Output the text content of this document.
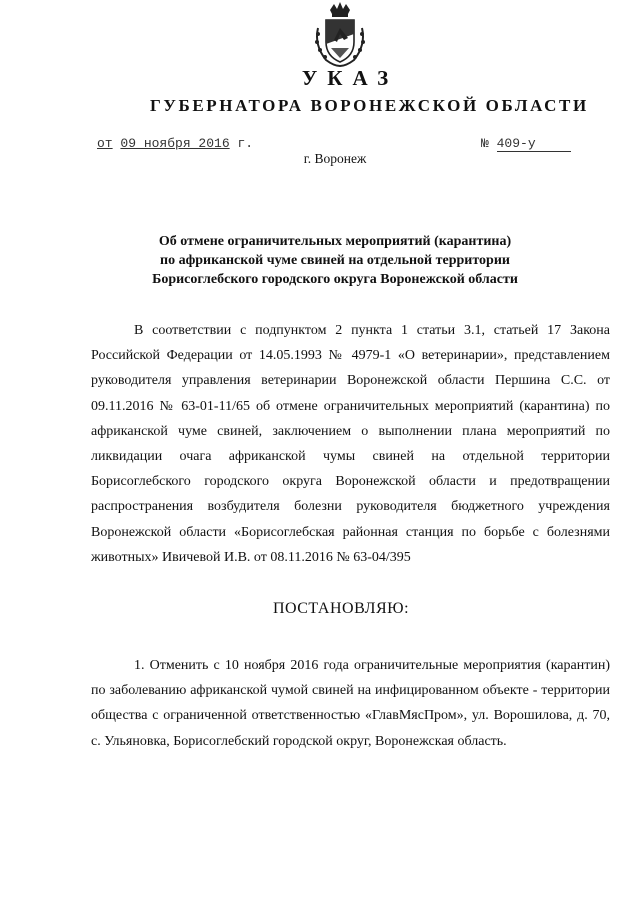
УКАЗ
ГУБЕРНАТОРА ВОРОНЕЖСКОЙ ОБЛАСТИ
от 09 ноября 2016 г.	№ 409-у
г. Воронеж
Об отмене ограничительных мероприятий (карантина)
по африканской чуме свиней на отдельной территории
Борисоглебского городского округа Воронежской области
В соответствии с подпунктом 2 пункта 1 статьи 3.1, статьей 17 Закона Российской Федерации от 14.05.1993 № 4979-1 «О ветеринарии», представлением руководителя управления ветеринарии Воронежской области Першина С.С. от 09.11.2016 № 63-01-11/65 об отмене ограничительных мероприятий (карантина) по африканской чуме свиней, заключением о выполнении плана мероприятий по ликвидации очага африканской чумы свиней на отдельной территории Борисоглебского городского округа Воронежской области и предотвращении распространения возбудителя болезни руководителя бюджетного учреждения Воронежской области «Борисоглебская районная станция по борьбе с болезнями животных» Ивичевой И.В. от 08.11.2016 № 63-04/395
ПОСТАНОВЛЯЮ:
1. Отменить с 10 ноября 2016 года ограничительные мероприятия (карантин) по заболеванию африканской чумой свиней на инфицированном объекте - территории общества с ограниченной ответственностью «ГлавМясПром», ул. Ворошилова, д. 70, с. Ульяновка, Борисоглебский городской округ, Воронежская область.
